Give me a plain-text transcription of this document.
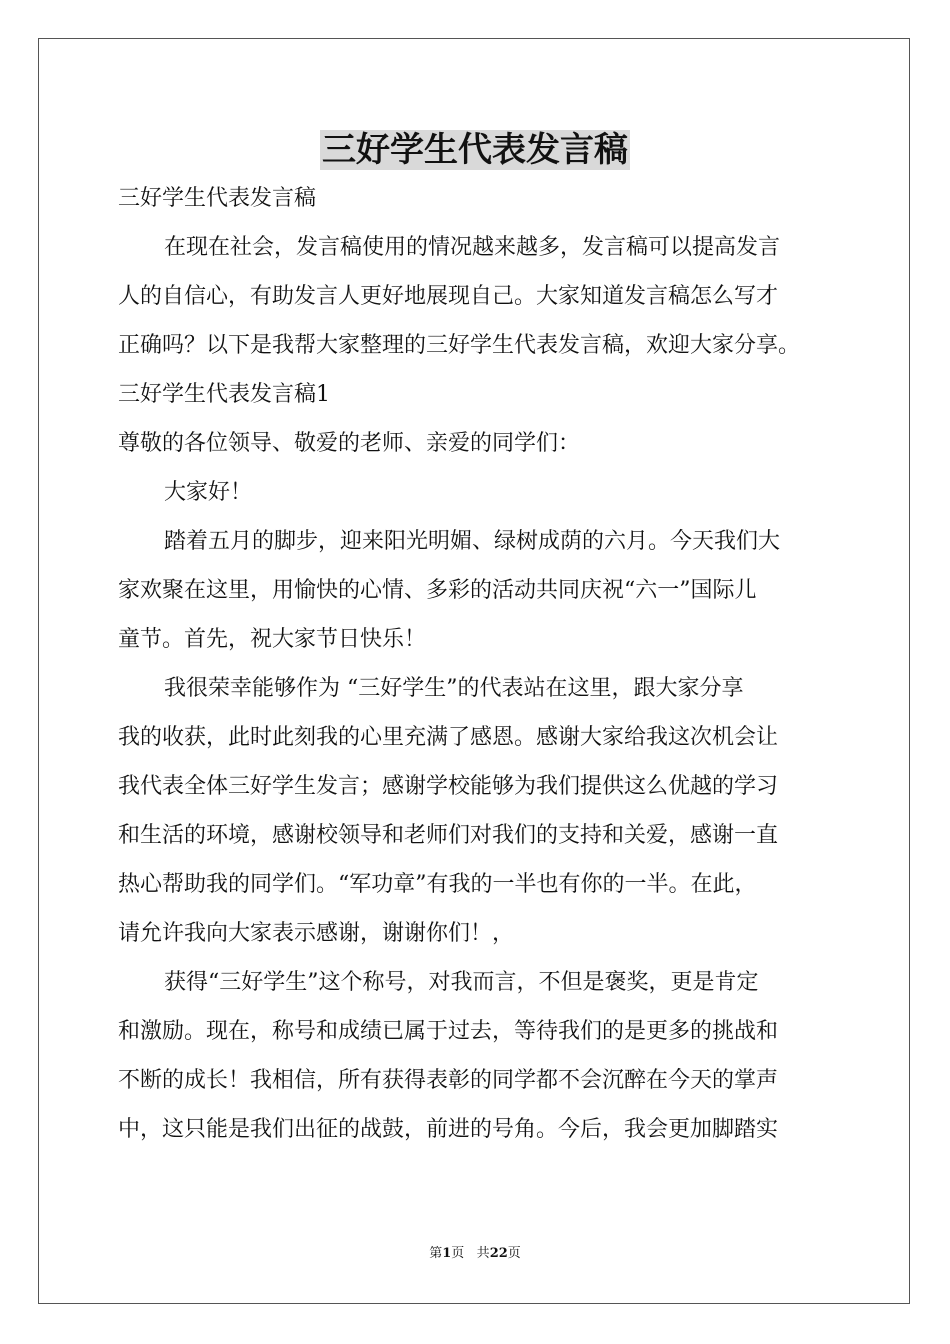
三好学生代表发言稿

三好学生代表发言稿

在现在社会，发言稿使用的情况越来越多，发言稿可以提高发言

人的自信心，有助发言人更好地展现自己。大家知道发言稿怎么写才

正确吗？以下是我帮大家整理的三好学生代表发言稿，欢迎大家分享。

三好学生代表发言稿1

尊敬的各位领导、敬爱的老师、亲爱的同学们：

大家好！

踏着五月的脚步，迎来阳光明媚、绿树成荫的六月。今天我们大

家欢聚在这里，用愉快的心情、多彩的活动共同庆祝“六一”国际儿

童节。首先，祝大家节日快乐！

我很荣幸能够作为 “三好学生”的代表站在这里，跟大家分享

我的收获，此时此刻我的心里充满了感恩。感谢大家给我这次机会让

我代表全体三好学生发言；感谢学校能够为我们提供这么优越的学习

和生活的环境，感谢校领导和老师们对我们的支持和关爱，感谢一直

热心帮助我的同学们。“军功章”有我的一半也有你的一半。在此，

请允许我向大家表示感谢，谢谢你们！，

获得“三好学生”这个称号，对我而言，不但是褒奖，更是肯定

和激励。现在，称号和成绩已属于过去，等待我们的是更多的挑战和

不断的成长！我相信，所有获得表彰的同学都不会沉醉在今天的掌声

中，这只能是我们出征的战鼓，前进的号角。今后，我会更加脚踏实

第1页 共22页
